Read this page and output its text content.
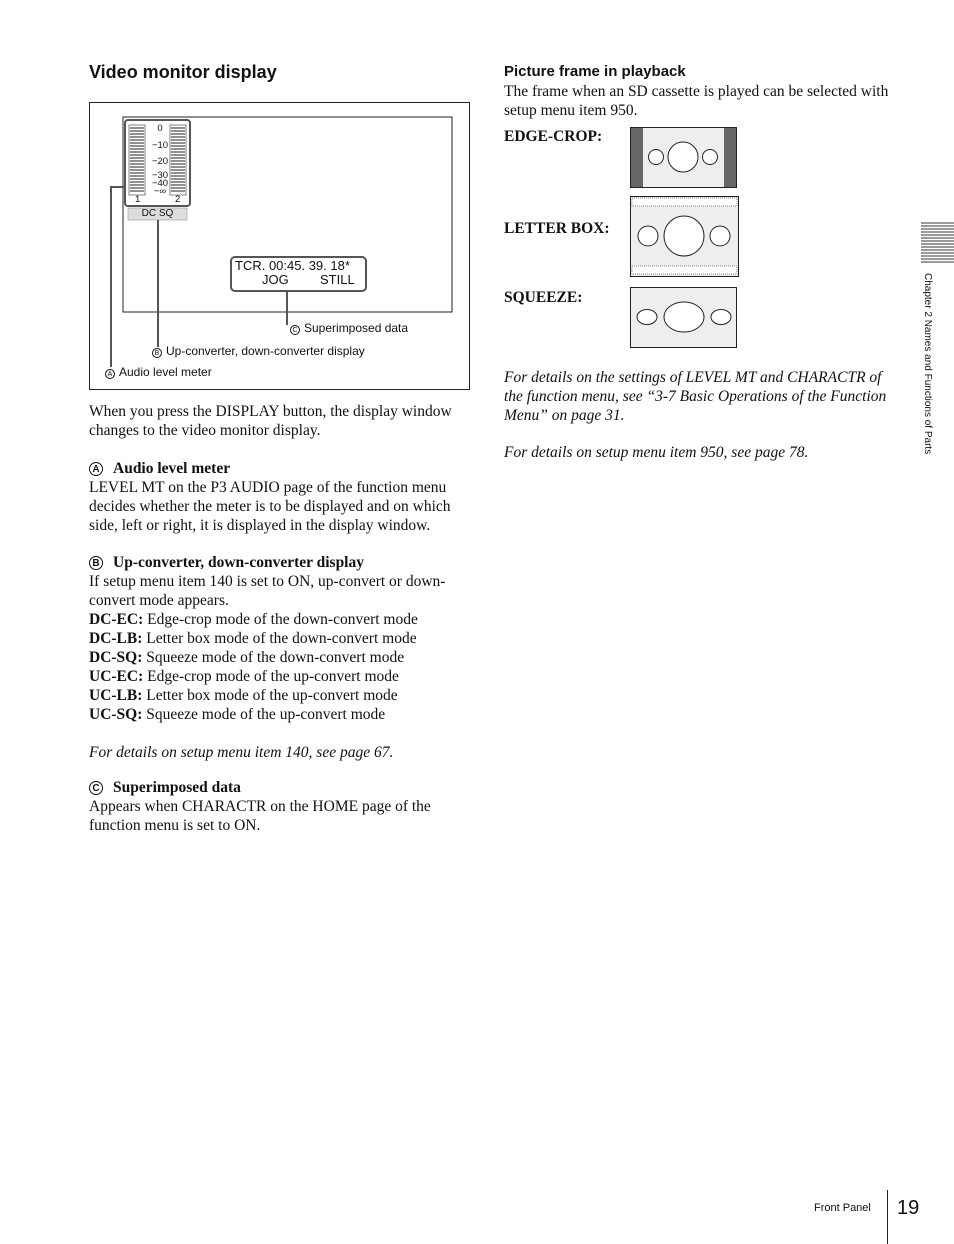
Video monitor display
0
−10
−20
−30
−40
−∞
1	2
DC SQ
TCR. 00:45. 39. 18*
JOG STILL
C Superimposed data
B Up-converter, down-converter display
A Audio level meter
When you press the DISPLAY button, the display window changes to the video monitor display.
A Audio level meter
LEVEL MT on the P3 AUDIO page of the function menu decides whether the meter is to be displayed and on which side, left or right, it is displayed in the display window.
B Up-converter, down-converter display
If setup menu item 140 is set to ON, up-convert or down-convert mode appears.
DC-EC: Edge-crop mode of the down-convert mode
DC-LB: Letter box mode of the down-convert mode
DC-SQ: Squeeze mode of the down-convert mode
UC-EC: Edge-crop mode of the up-convert mode
UC-LB: Letter box mode of the up-convert mode
UC-SQ: Squeeze mode of the up-convert mode
For details on setup menu item 140, see page 67.
C Superimposed data
Appears when CHARACTR on the HOME page of the function menu is set to ON.
Picture frame in playback
The frame when an SD cassette is played can be selected with setup menu item 950.
EDGE-CROP:
LETTER BOX:
SQUEEZE:
For details on the settings of LEVEL MT and CHARACTR of the function menu, see “3-7 Basic Operations of the Function Menu” on page 31.
For details on setup menu item 950, see page 78.	Chapter 2 Names and Functions of Parts
Front Panel 19
